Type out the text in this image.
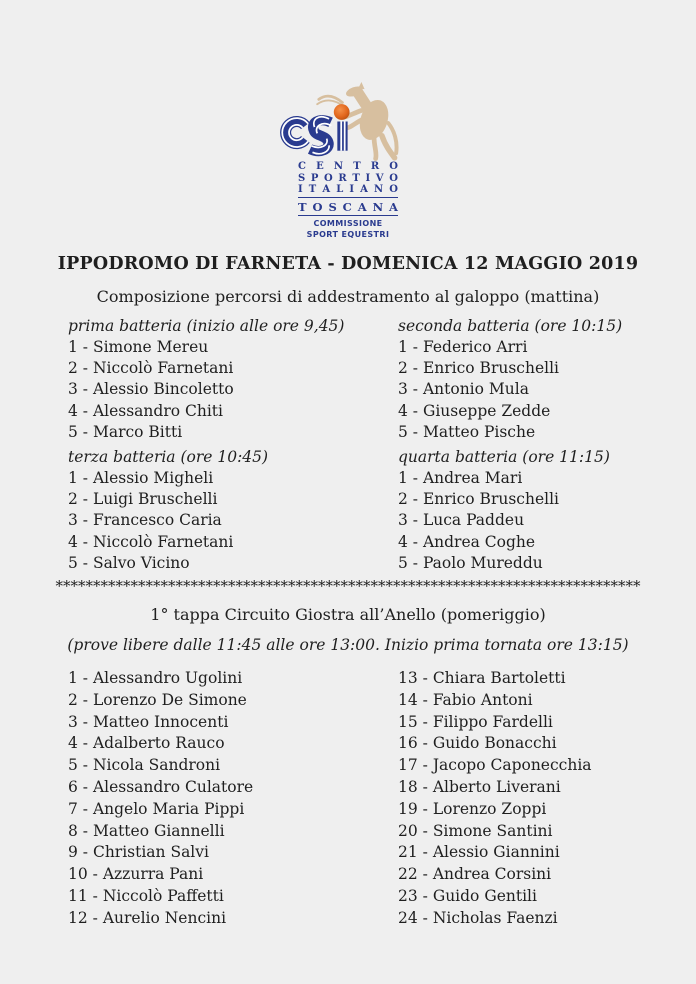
C E N T R O
S P O R T I V O
I T A L I A N O
T O S C A N A
COMMISSIONE
SPORT EQUESTRI
IPPODROMO DI FARNETA - DOMENICA 12 MAGGIO 2019
Composizione percorsi di addestramento al galoppo (mattina)
prima batteria (inizio alle ore 9,45)
1 - Simone Mereu
2 - Niccolò Farnetani
3 - Alessio Bincoletto
4 - Alessandro Chiti
5 - Marco Bitti
seconda batteria (ore 10:15)
1 - Federico Arri
2 - Enrico Bruschelli
3 - Antonio Mula
4 - Giuseppe Zedde
5 - Matteo Pische
terza batteria (ore 10:45)
1 - Alessio Migheli
2 - Luigi Bruschelli
3 - Francesco Caria
4 - Niccolò Farnetani
5 - Salvo Vicino
quarta batteria (ore 11:15)
1 - Andrea Mari
2 - Enrico Bruschelli
3 - Luca Paddeu
4 - Andrea Coghe
5 - Paolo Mureddu
******************************************************************************
1° tappa Circuito Giostra all’Anello (pomeriggio)
(prove libere dalle 11:45 alle ore 13:00. Inizio prima tornata ore 13:15)
1 - Alessandro Ugolini
2 - Lorenzo De Simone
3 - Matteo Innocenti
4 - Adalberto Rauco
5 - Nicola Sandroni
6 - Alessandro Culatore
7 - Angelo Maria Pippi
8 - Matteo Giannelli
9 - Christian Salvi
10 - Azzurra Pani
11 - Niccolò Paffetti
12 - Aurelio Nencini
13 - Chiara Bartoletti
14 - Fabio Antoni
15 - Filippo Fardelli
16 - Guido Bonacchi
17 - Jacopo Caponecchia
18 - Alberto Liverani
19 - Lorenzo Zoppi
20 - Simone Santini
21 - Alessio Giannini
22 - Andrea Corsini
23 - Guido Gentili
24 - Nicholas Faenzi
